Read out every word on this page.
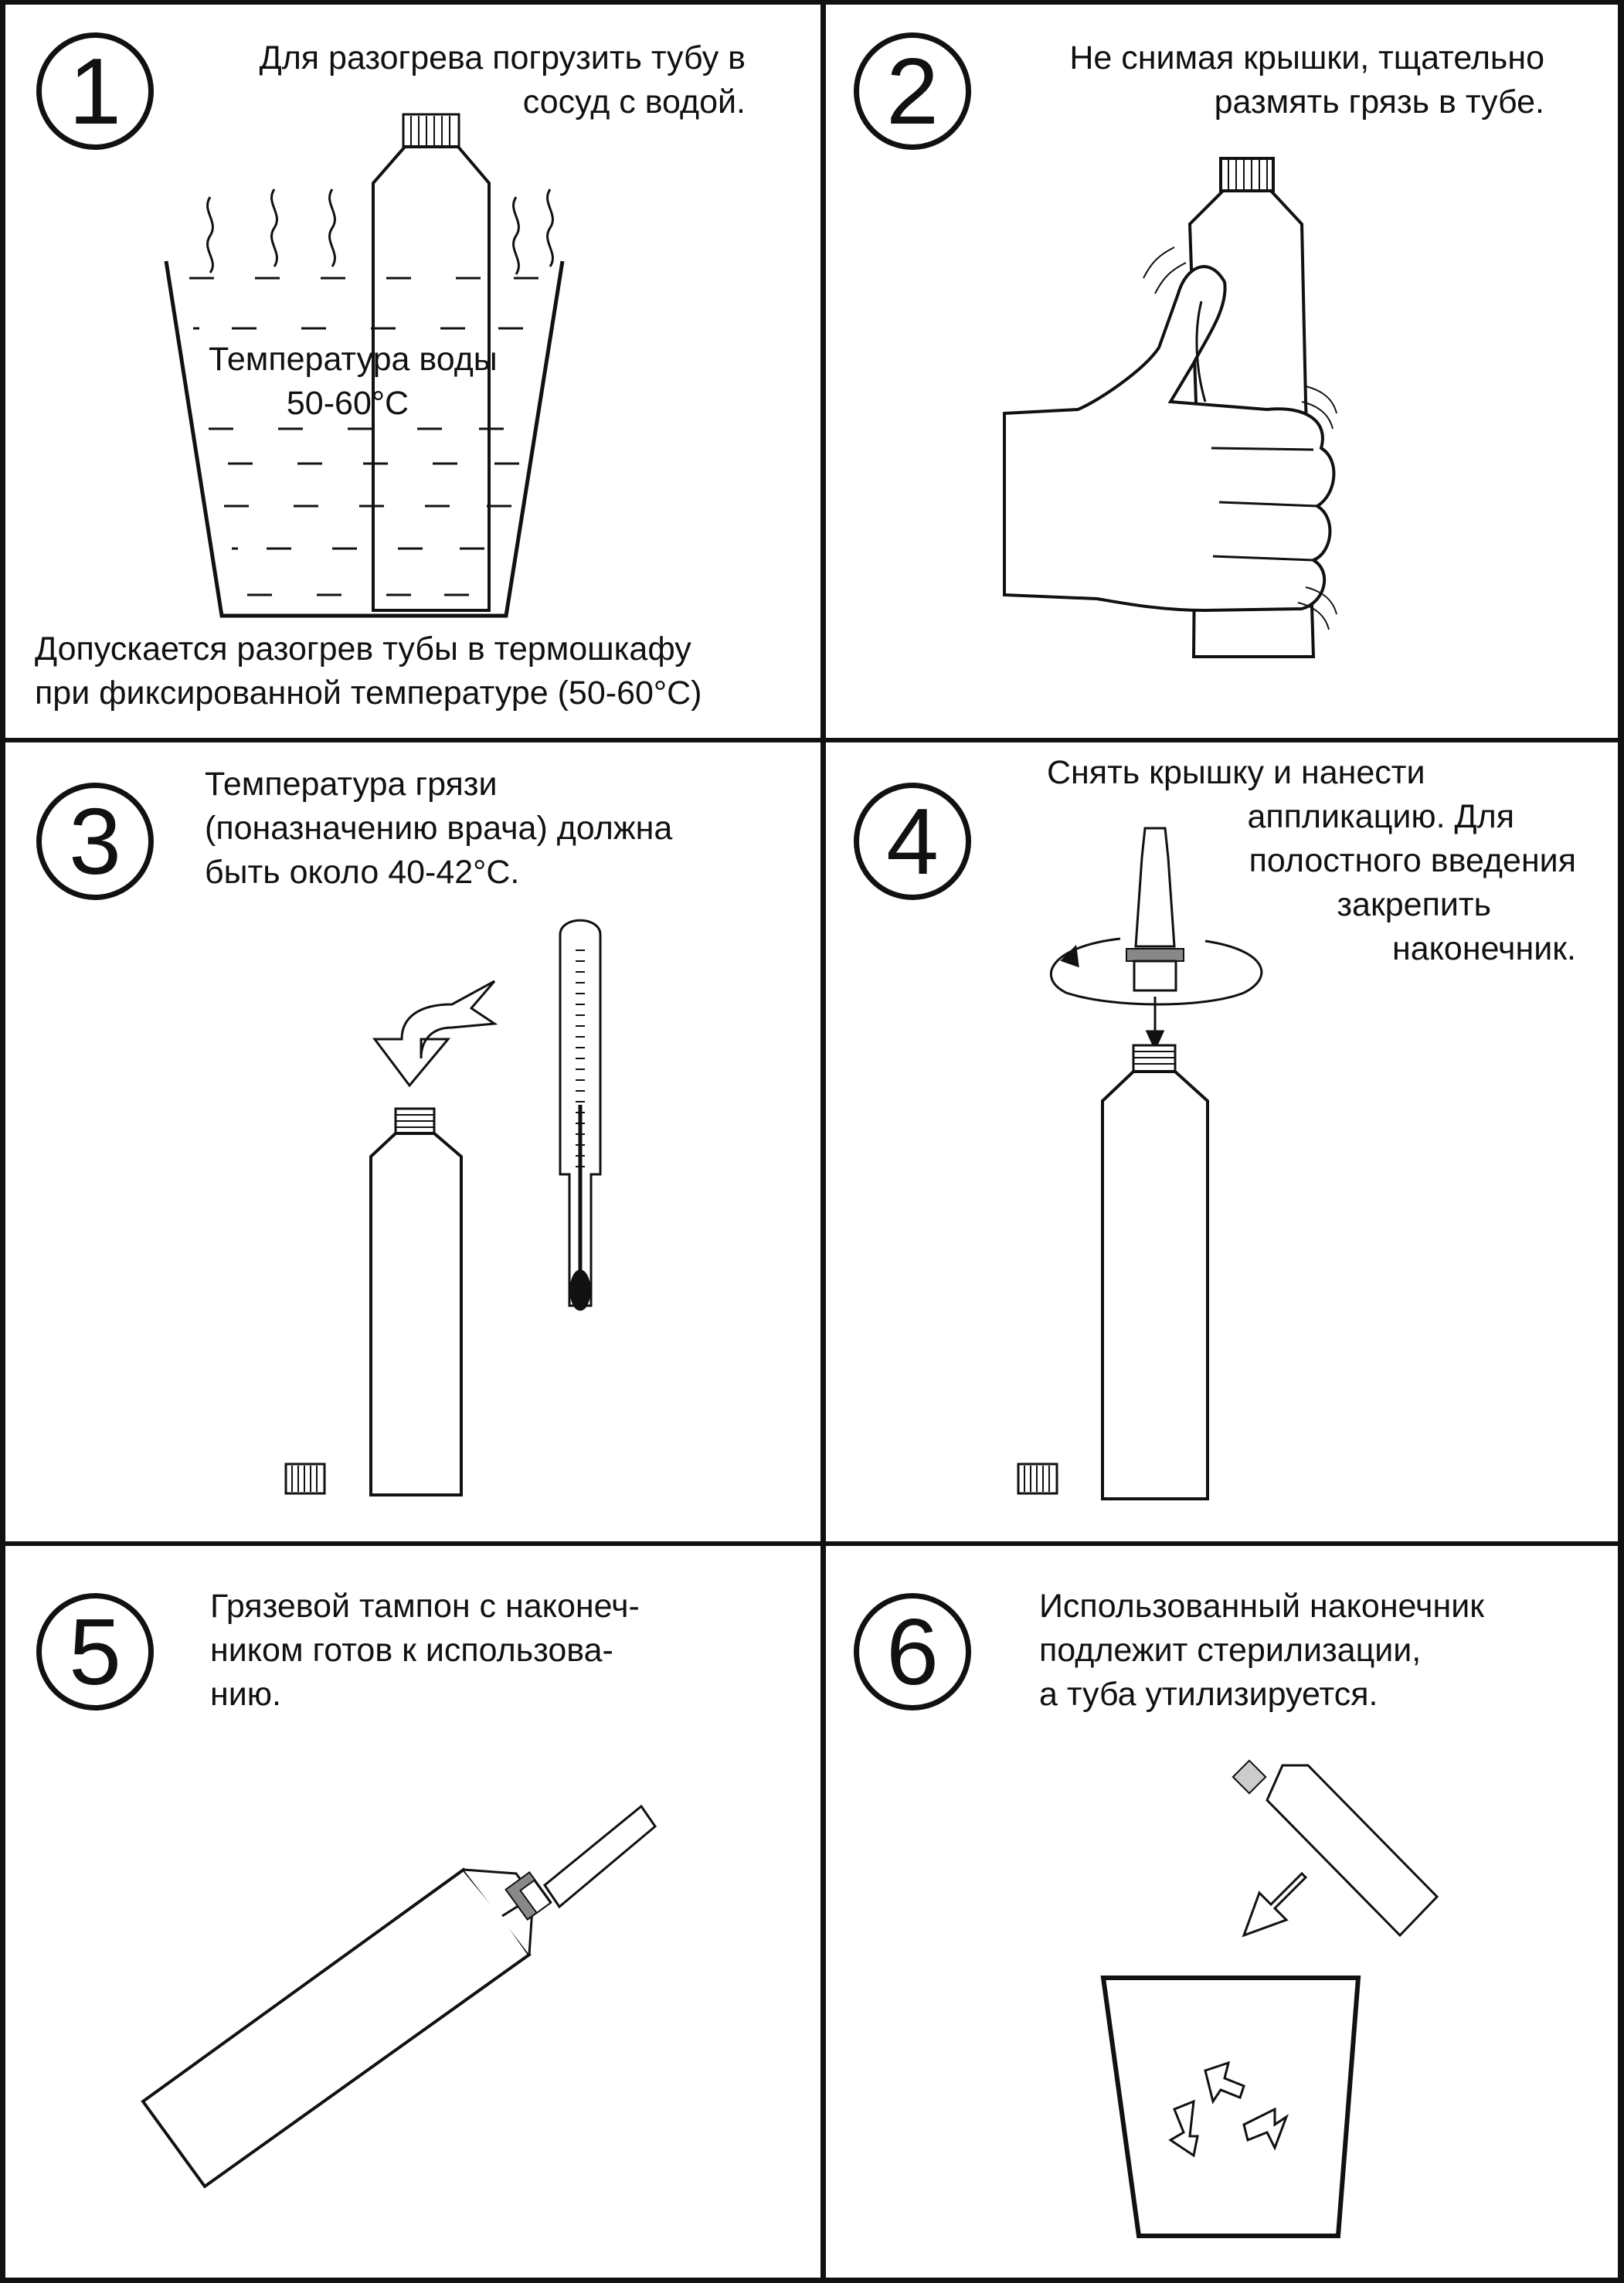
1	Для разогрева погрузить тубу в
сосуд с водой.
Температура воды
50-60°С
Допускается разогрев тубы в термошкафу
при фиксированной температуре (50-60°С)
2	Не снимая крышки, тщательно
размять грязь в тубе.
3
Температура грязи
(поназначению врача) должна
быть около 40-42°С.	4
Снять крышку и нанести
аппликацию. Для
полостного введения
закрепить
наконечник.
5	Грязевой тампон с наконеч-
ником готов к использова-
нию.	6	Использованный наконечник
подлежит стерилизации,
а туба утилизируется.
